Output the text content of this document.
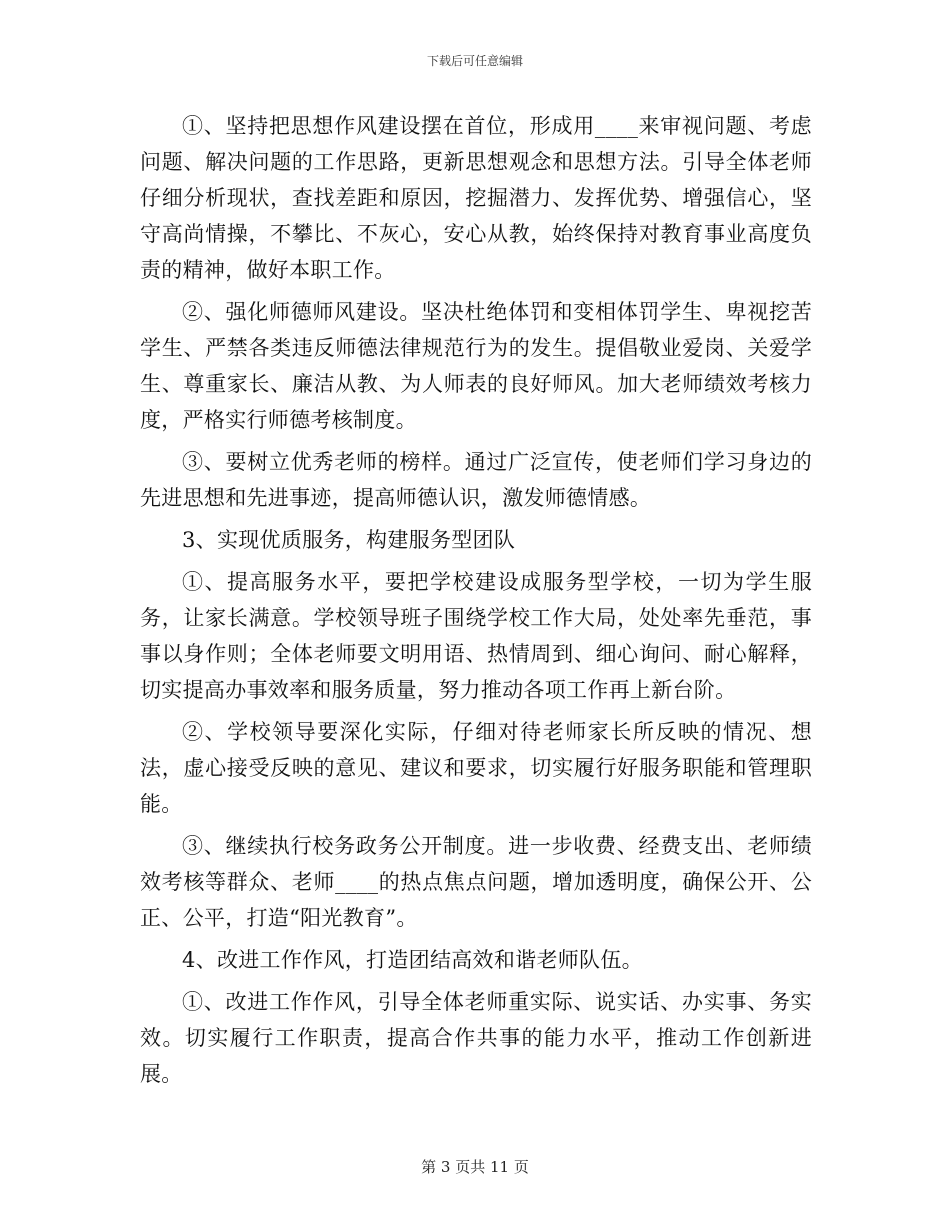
下载后可任意编辑

①、坚持把思想作风建设摆在首位，形成用____来审视问题、考虑问题、解决问题的工作思路，更新思想观念和思想方法。引导全体老师仔细分析现状，查找差距和原因，挖掘潜力、发挥优势、增强信心，坚守高尚情操，不攀比、不灰心，安心从教，始终保持对教育事业高度负责的精神，做好本职工作。

②、强化师德师风建设。坚决杜绝体罚和变相体罚学生、卑视挖苦学生、严禁各类违反师德法律规范行为的发生。提倡敬业爱岗、关爱学生、尊重家长、廉洁从教、为人师表的良好师风。加大老师绩效考核力度，严格实行师德考核制度。

③、要树立优秀老师的榜样。通过广泛宣传，使老师们学习身边的先进思想和先进事迹，提高师德认识，激发师德情感。

3、实现优质服务，构建服务型团队

①、提高服务水平，要把学校建设成服务型学校，一切为学生服务，让家长满意。学校领导班子围绕学校工作大局，处处率先垂范，事事以身作则；全体老师要文明用语、热情周到、细心询问、耐心解释，切实提高办事效率和服务质量，努力推动各项工作再上新台阶。

②、学校领导要深化实际，仔细对待老师家长所反映的情况、想法，虚心接受反映的意见、建议和要求，切实履行好服务职能和管理职能。

③、继续执行校务政务公开制度。进一步收费、经费支出、老师绩效考核等群众、老师____的热点焦点问题，增加透明度，确保公开、公正、公平，打造“阳光教育”。

4、改进工作作风，打造团结高效和谐老师队伍。

①、改进工作作风，引导全体老师重实际、说实话、办实事、务实效。切实履行工作职责，提高合作共事的能力水平，推动工作创新进展。

第 3 页共 11 页
